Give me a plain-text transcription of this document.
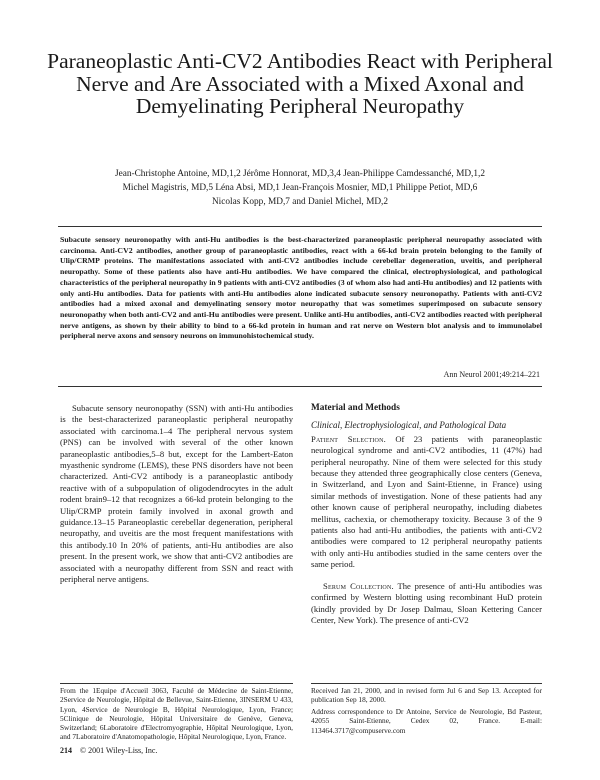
Paraneoplastic Anti-CV2 Antibodies React with Peripheral Nerve and Are Associated with a Mixed Axonal and Demyelinating Peripheral Neuropathy
Jean-Christophe Antoine, MD,1,2 Jérôme Honnorat, MD,3,4 Jean-Philippe Camdessanché, MD,1,2
Michel Magistris, MD,5 Léna Absi, MD,1 Jean-François Mosnier, MD,1 Philippe Petiot, MD,6
Nicolas Kopp, MD,7 and Daniel Michel, MD,2

Subacute sensory neuronopathy with anti-Hu antibodies is the best-characterized paraneoplastic peripheral neuropathy associated with carcinoma. Anti-CV2 antibodies, another group of paraneoplastic antibodies, react with a 66-kd brain protein belonging to the family of Ulip/CRMP proteins. The manifestations associated with anti-CV2 antibodies include cerebellar degeneration, uveitis, and peripheral neuropathy. Some of these patients also have anti-Hu antibodies. We have compared the clinical, electrophysiological, and pathological characteristics of the peripheral neuropathy in 9 patients with anti-CV2 antibodies (3 of whom also had anti-Hu antibodies) and 12 patients with only anti-Hu antibodies. Data for patients with anti-Hu antibodies alone indicated subacute sensory neuronopathy. Patients with anti-CV2 antibodies had a mixed axonal and demyelinating sensory motor neuropathy that was sometimes superimposed on subacute sensory neuronopathy when both anti-CV2 and anti-Hu antibodies were present. Unlike anti-Hu antibodies, anti-CV2 antibodies reacted with peripheral nerve antigens, as shown by their ability to bind to a 66-kd protein in human and rat nerve on Western blot analysis and to immunolabel peripheral nerve axons and sensory neurons on immunohistochemical study.

Ann Neurol 2001;49:214–221

Subacute sensory neuronopathy (SSN) with anti-Hu antibodies is the best-characterized paraneoplastic peripheral neuropathy associated with carcinoma.1–4 The peripheral nervous system (PNS) can be involved with several of the other known paraneoplastic antibodies,5–8 but, except for the Lambert-Eaton myasthenic syndrome (LEMS), these PNS disorders have not been characterized. Anti-CV2 antibody is a paraneoplastic antibody reactive with of a subpopulation of oligodendrocytes in the adult rodent brain9–12 that recognizes a 66-kd protein belonging to the Ulip/CRMP protein family involved in axonal growth and guidance.13–15 Paraneoplastic cerebellar degeneration, peripheral neuropathy, and uveitis are the most frequent manifestations with this antibody.10 In 20% of patients, anti-Hu antibodies are also present. In the present work, we show that anti-CV2 antibodies are associated with a neuropathy different from SSN and react with peripheral nerve antigens.

Material and Methods
Clinical, Electrophysiological, and Pathological Data

Patient Selection. Of 23 patients with paraneoplastic neurological syndrome and anti-CV2 antibodies, 11 (47%) had peripheral neuropathy. Nine of them were selected for this study because they attended three geographically close centers (Geneva, in Switzerland, and Lyon and Saint-Etienne, in France) using similar methods of investigation. None of these patients had any other known cause of peripheral neuropathy, including diabetes mellitus, cachexia, or chemotherapy toxicity. Because 3 of the 9 patients also had anti-Hu antibodies, the patients with anti-CV2 antibodies were compared to 12 peripheral neuropathy patients with only anti-Hu antibodies studied in the same centers over the same period.

Serum Collection. The presence of anti-Hu antibodies was confirmed by Western blotting using recombinant HuD protein (kindly provided by Dr Josep Dalmau, Sloan Kettering Cancer Center, New York). The presence of anti-CV2

From the 1Equipe d'Accueil 3063, Faculté de Médecine de Saint-Etienne, 2Service de Neurologie, Hôpital de Bellevue, Saint-Etienne, 3INSERM U 433, Lyon, 4Service de Neurologie B, Hôpital Neurologique, Lyon, France; 5Clinique de Neurologie, Hôpital Universitaire de Genève, Geneva, Switzerland; 6Laboratoire d'Electromyographie, Hôpital Neurologique, Lyon, and 7Laboratoire d'Anatomopathologie, Hôpital Neurologique, Lyon, France.

Received Jan 21, 2000, and in revised form Jul 6 and Sep 13. Accepted for publication Sep 18, 2000.

Address correspondence to Dr Antoine, Service de Neurologie, Bd Pasteur, 42055 Saint-Etienne, Cedex 02, France. E-mail: 113464.3717@compuserve.com

214 © 2001 Wiley-Liss, Inc.
